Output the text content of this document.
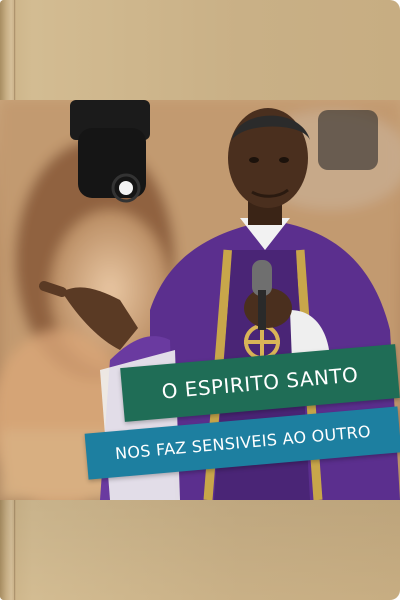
O ESPIRITO SANTO
NOS FAZ SENSIVEIS AO OUTRO
